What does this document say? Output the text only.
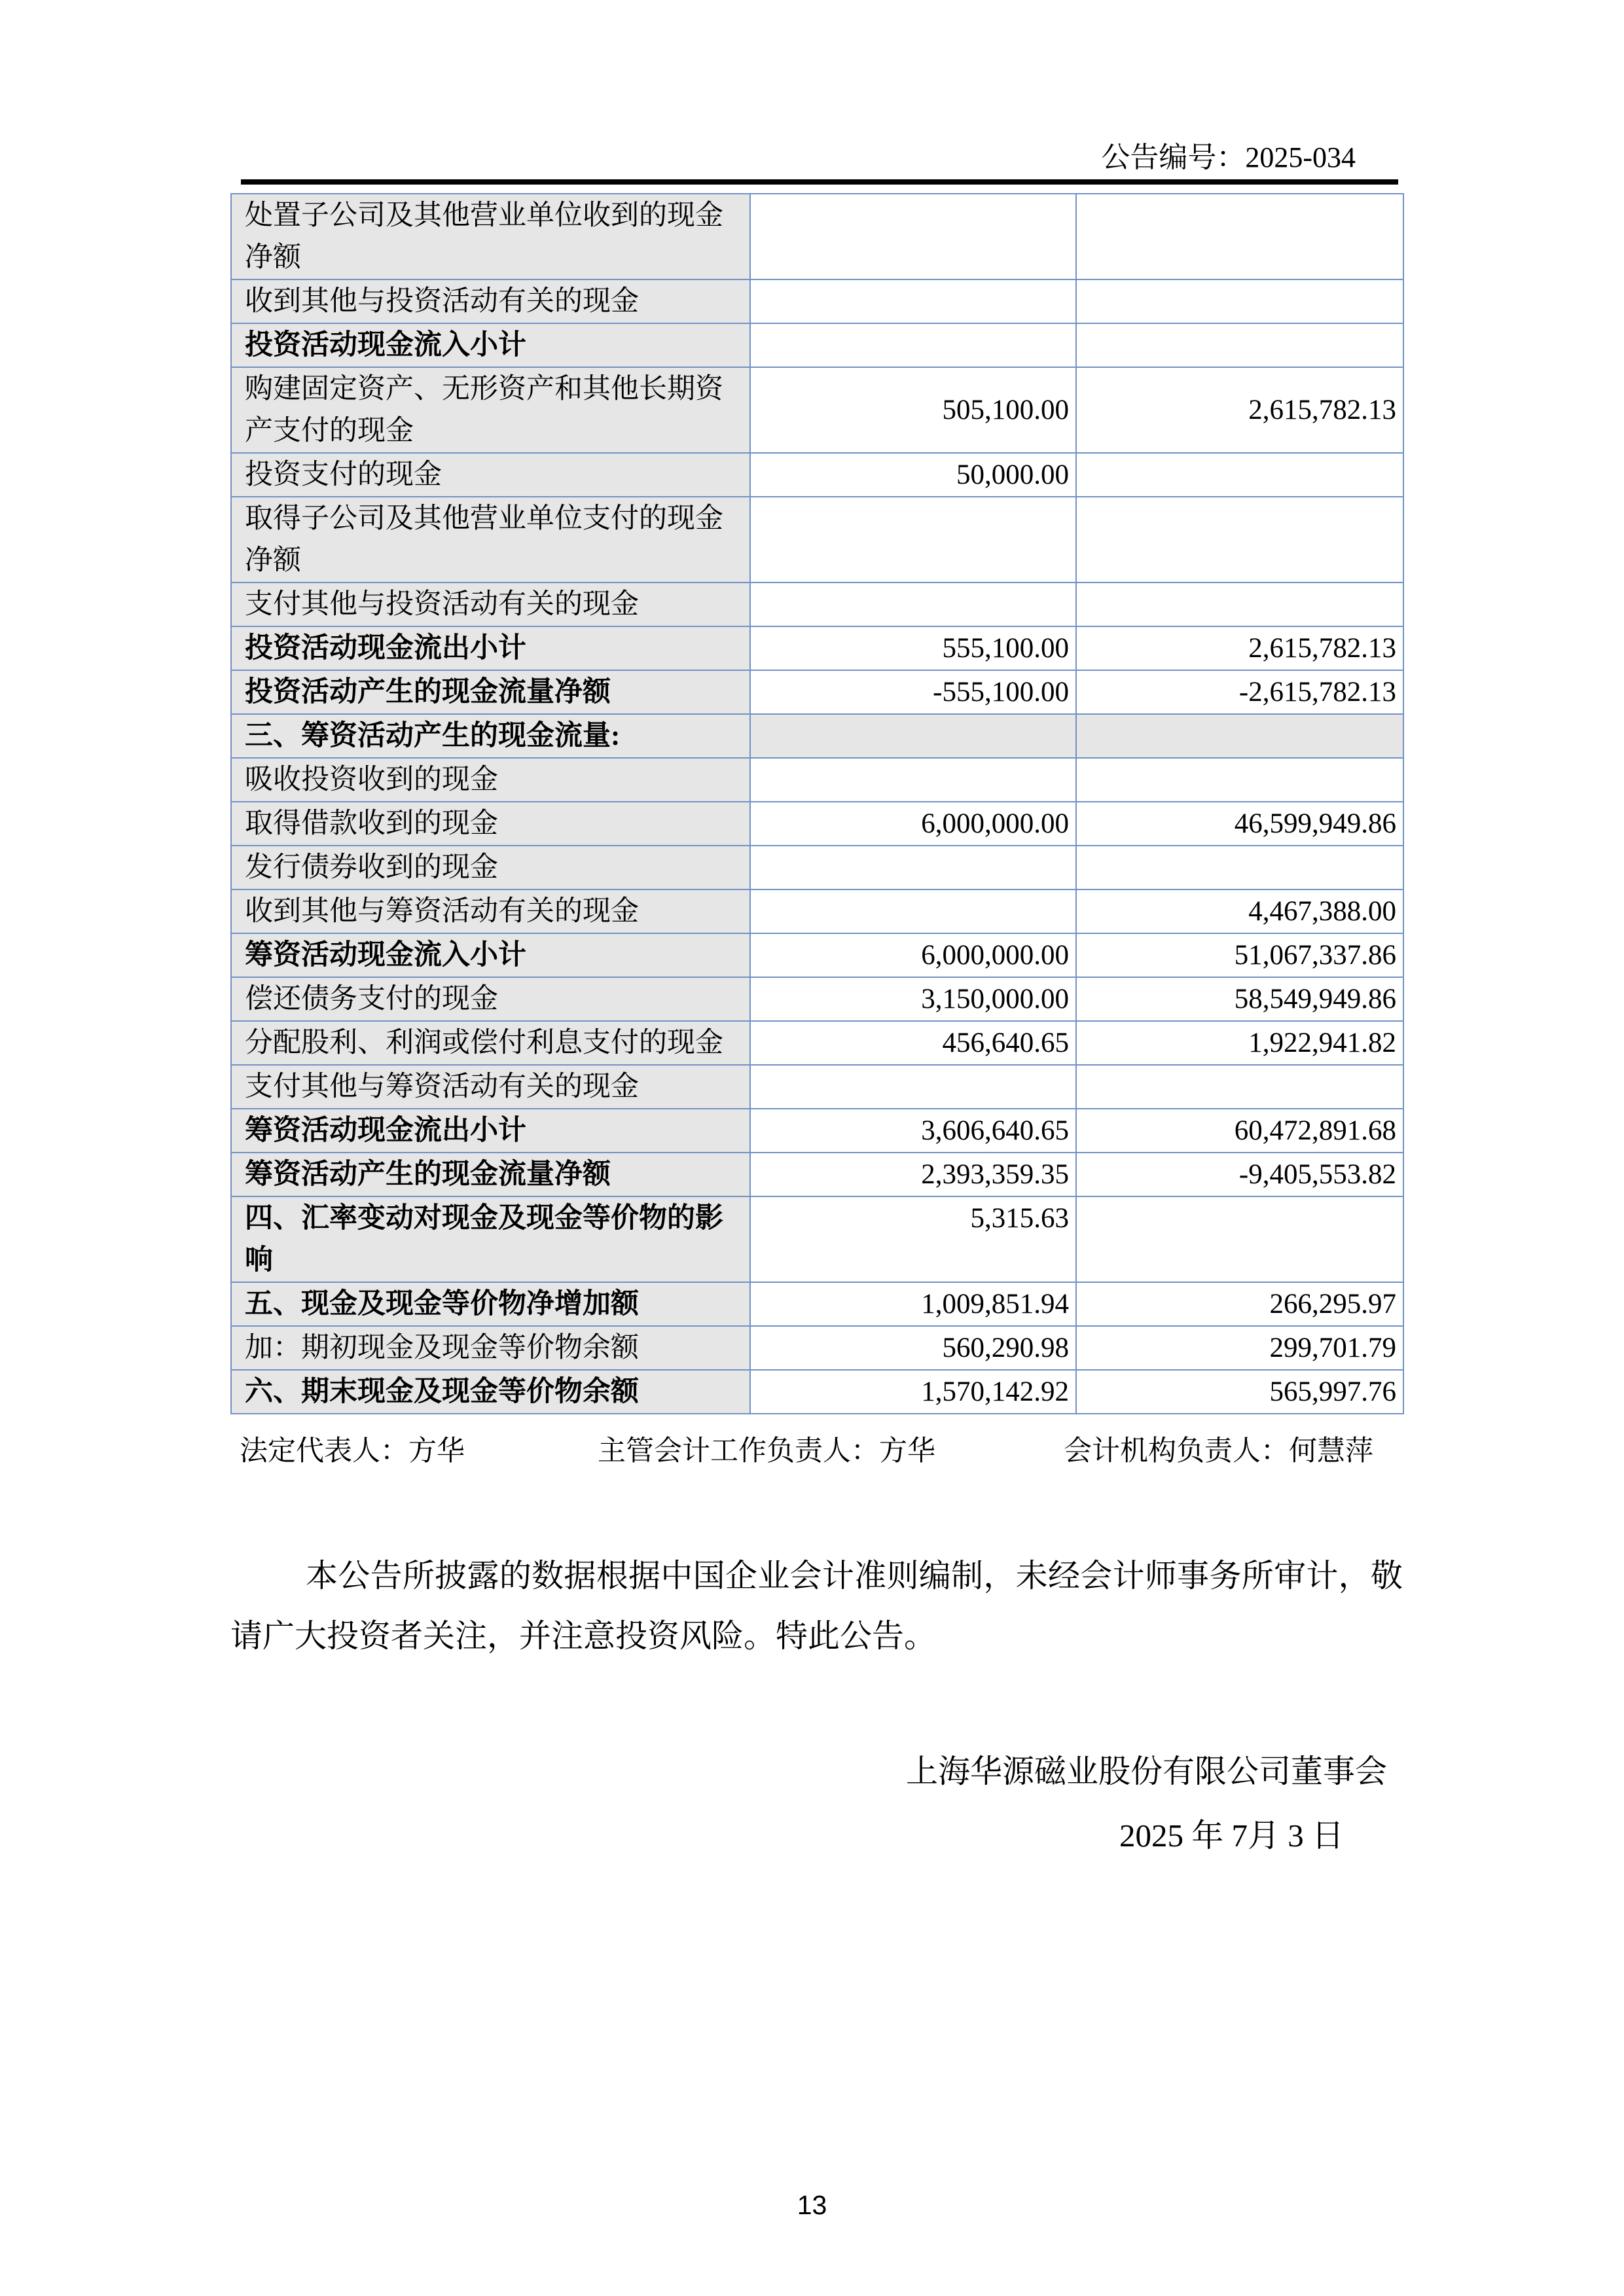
公告编号：2025-034
处置子公司及其他营业单位收到的现金净额		
收到其他与投资活动有关的现金		
投资活动现金流入小计		
购建固定资产、无形资产和其他长期资产支付的现金	505,100.00	2,615,782.13
投资支付的现金	50,000.00	
取得子公司及其他营业单位支付的现金净额		
支付其他与投资活动有关的现金		
投资活动现金流出小计	555,100.00	2,615,782.13
投资活动产生的现金流量净额	-555,100.00	-2,615,782.13
三、筹资活动产生的现金流量:		
吸收投资收到的现金		
取得借款收到的现金	6,000,000.00	46,599,949.86
发行债券收到的现金		
收到其他与筹资活动有关的现金		4,467,388.00
筹资活动现金流入小计	6,000,000.00	51,067,337.86
偿还债务支付的现金	3,150,000.00	58,549,949.86
分配股利、利润或偿付利息支付的现金	456,640.65	1,922,941.82
支付其他与筹资活动有关的现金		
筹资活动现金流出小计	3,606,640.65	60,472,891.68
筹资活动产生的现金流量净额	2,393,359.35	-9,405,553.82
四、汇率变动对现金及现金等价物的影响	5,315.63	
五、现金及现金等价物净增加额	1,009,851.94	266,295.97
加：期初现金及现金等价物余额	560,290.98	299,701.79
六、期末现金及现金等价物余额	1,570,142.92	565,997.76
法定代表人：方华	主管会计工作负责人：方华	会计机构负责人：何慧萍

本公告所披露的数据根据中国企业会计准则编制，未经会计师事务所审计，敬请广大投资者关注，并注意投资风险。特此公告。

上海华源磁业股份有限公司董事会
2025 年 7月 3 日
13
